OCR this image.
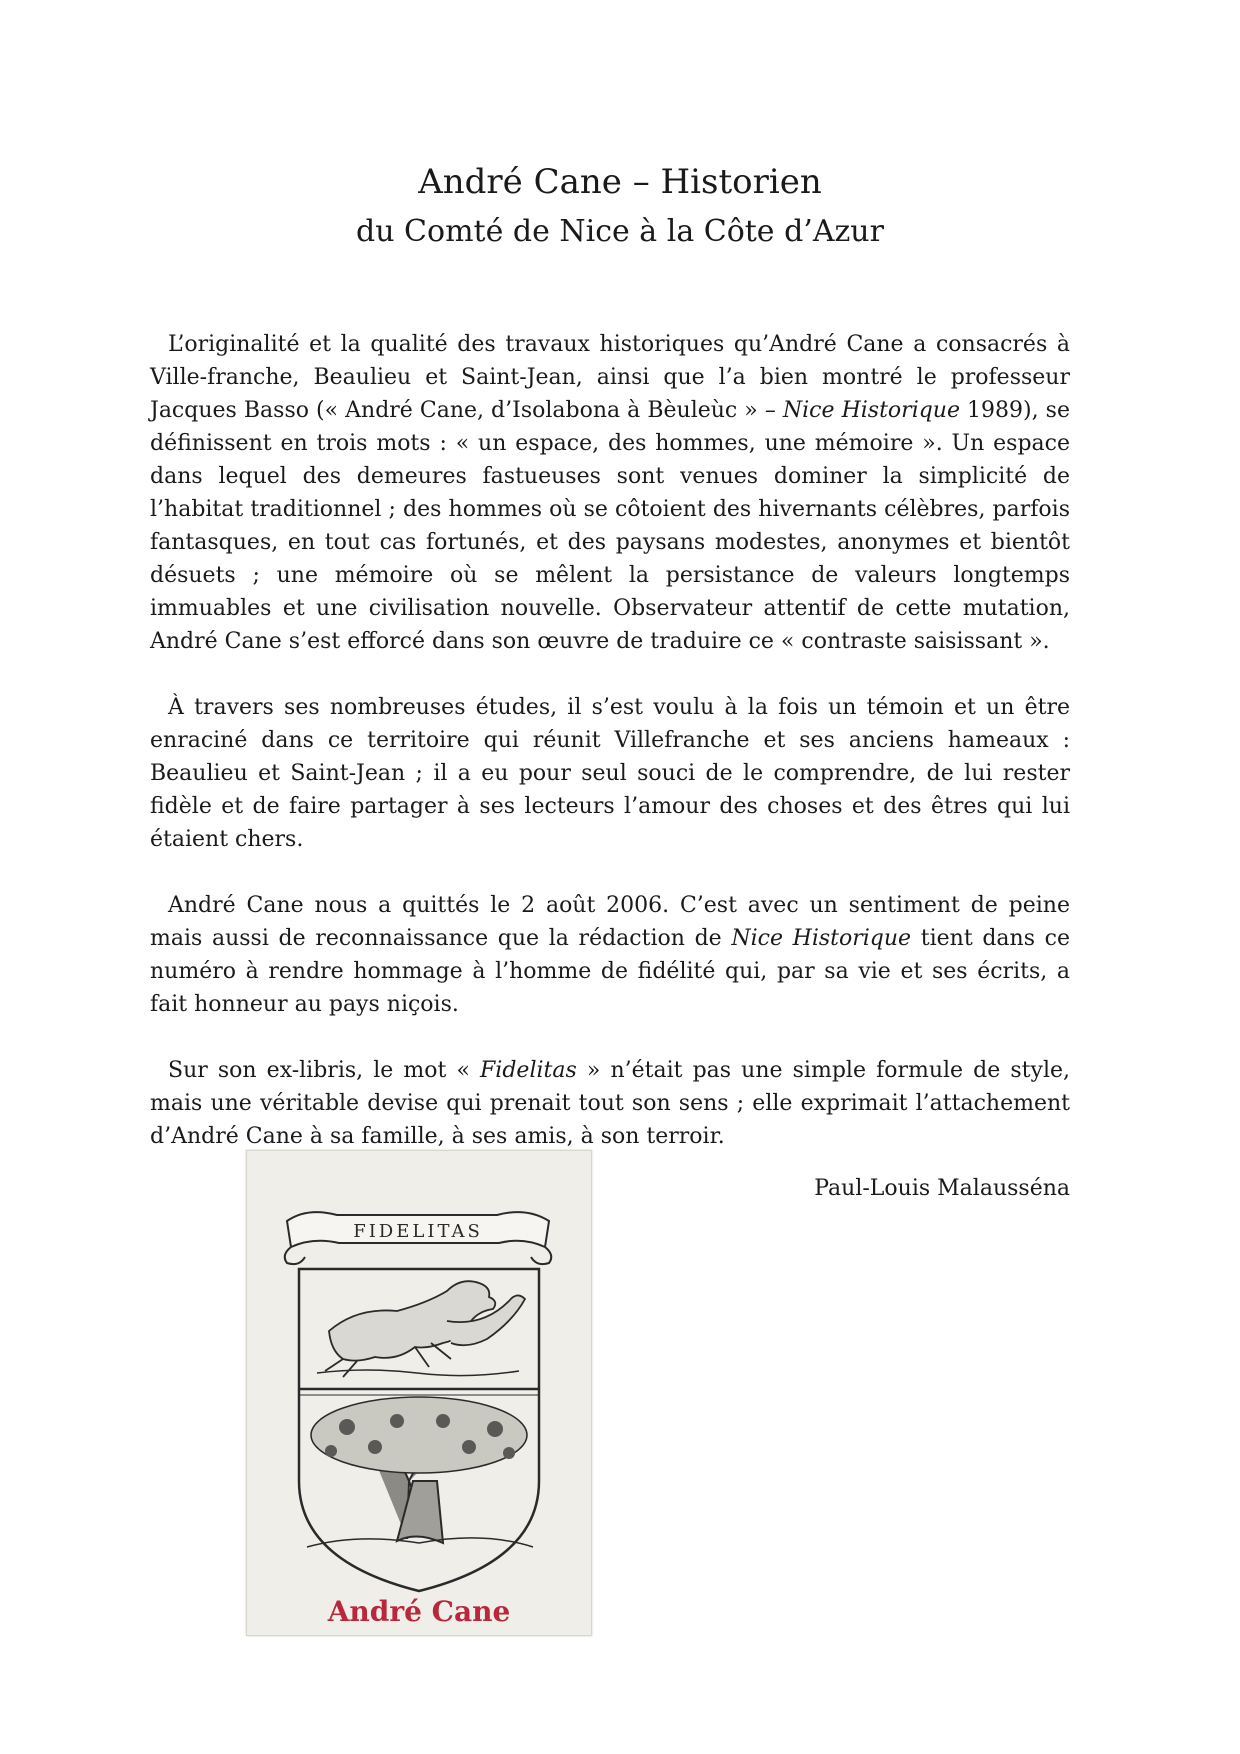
André Cane – Historien
du Comté de Nice à la Côte d’Azur

L’originalité et la qualité des travaux historiques qu’André Cane a consacrés à Ville-franche, Beaulieu et Saint-Jean, ainsi que l’a bien montré le professeur Jacques Basso (« André Cane, d’Isolabona à Bèuleùc » – Nice Historique 1989), se définissent en trois mots : « un espace, des hommes, une mémoire ». Un espace dans lequel des demeures fastueuses sont venues dominer la simplicité de l’habitat traditionnel ; des hommes où se côtoient des hivernants célèbres, parfois fantasques, en tout cas fortunés, et des paysans modestes, anonymes et bientôt désuets ; une mémoire où se mêlent la persistance de valeurs longtemps immuables et une civilisation nouvelle. Observateur attentif de cette mutation, André Cane s’est efforcé dans son œuvre de traduire ce « contraste saisissant ».

À travers ses nombreuses études, il s’est voulu à la fois un témoin et un être enraciné dans ce territoire qui réunit Villefranche et ses anciens hameaux : Beaulieu et Saint-Jean ; il a eu pour seul souci de le comprendre, de lui rester fidèle et de faire partager à ses lecteurs l’amour des choses et des êtres qui lui étaient chers.

André Cane nous a quittés le 2 août 2006. C’est avec un sentiment de peine mais aussi de reconnaissance que la rédaction de Nice Historique tient dans ce numéro à rendre hommage à l’homme de fidélité qui, par sa vie et ses écrits, a fait honneur au pays niçois.

Sur son ex-libris, le mot « Fidelitas » n’était pas une simple formule de style, mais une véritable devise qui prenait tout son sens ; elle exprimait l’attachement d’André Cane à sa famille, à ses amis, à son terroir.

Paul-Louis Malausséna

FIDELITAS
André Cane
